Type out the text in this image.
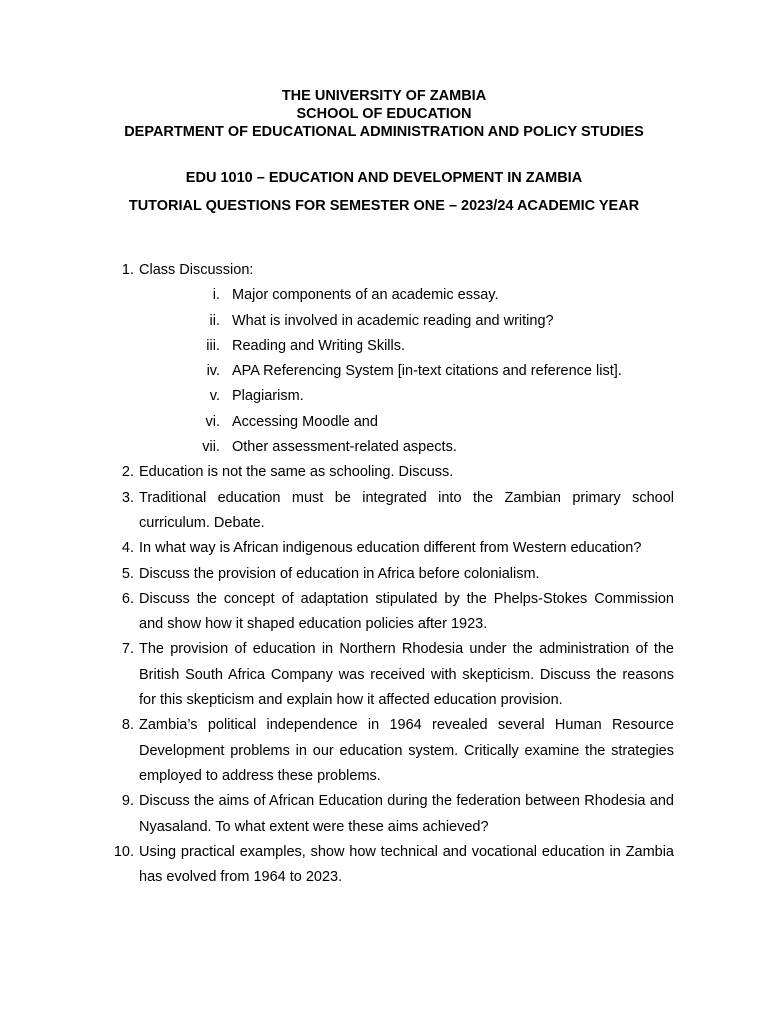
THE UNIVERSITY OF ZAMBIA
SCHOOL OF EDUCATION
DEPARTMENT OF EDUCATIONAL ADMINISTRATION AND POLICY STUDIES
EDU 1010 – EDUCATION AND DEVELOPMENT IN ZAMBIA
TUTORIAL QUESTIONS FOR SEMESTER ONE – 2023/24 ACADEMIC YEAR
1. Class Discussion:
i. Major components of an academic essay.
ii. What is involved in academic reading and writing?
iii. Reading and Writing Skills.
iv. APA Referencing System [in-text citations and reference list].
v. Plagiarism.
vi. Accessing Moodle and
vii. Other assessment-related aspects.
2. Education is not the same as schooling. Discuss.
3. Traditional education must be integrated into the Zambian primary school curriculum. Debate.
4. In what way is African indigenous education different from Western education?
5. Discuss the provision of education in Africa before colonialism.
6. Discuss the concept of adaptation stipulated by the Phelps-Stokes Commission and show how it shaped education policies after 1923.
7. The provision of education in Northern Rhodesia under the administration of the British South Africa Company was received with skepticism. Discuss the reasons for this skepticism and explain how it affected education provision.
8. Zambia’s political independence in 1964 revealed several Human Resource Development problems in our education system. Critically examine the strategies employed to address these problems.
9. Discuss the aims of African Education during the federation between Rhodesia and Nyasaland. To what extent were these aims achieved?
10. Using practical examples, show how technical and vocational education in Zambia has evolved from 1964 to 2023.
